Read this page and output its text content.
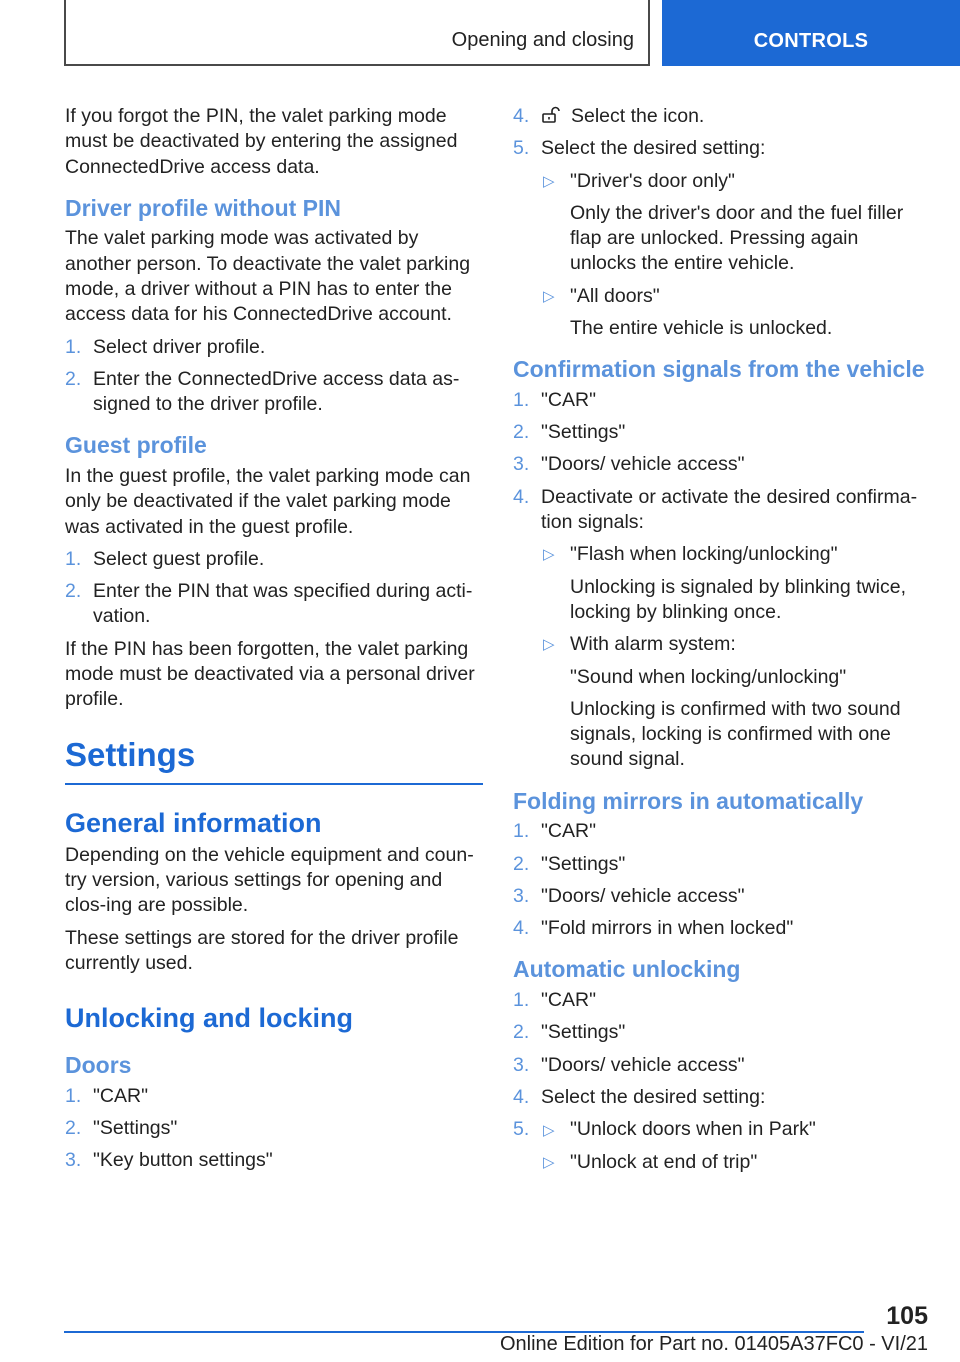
Opening and closing	CONTROLS

If you forgot the PIN, the valet parking mode must be deactivated by entering the assigned ConnectedDrive access data.

Driver profile without PIN

The valet parking mode was activated by another person. To deactivate the valet parking mode, a driver without a PIN has to enter the access data for his ConnectedDrive account.

1. Select driver profile.
2. Enter the ConnectedDrive access data as-signed to the driver profile.
Guest profile

In the guest profile, the valet parking mode can only be deactivated if the valet parking mode was activated in the guest profile.

1. Select guest profile.
2. Enter the PIN that was specified during acti-vation.

If the PIN has been forgotten, the valet parking mode must be deactivated via a personal driver profile.

Settings
General information

Depending on the vehicle equipment and coun-try version, various settings for opening and clos-ing are possible.

These settings are stored for the driver profile currently used.

Unlocking and locking
Doors
1. "CAR"
2. "Settings"
3. "Key button settings"
4. Select the icon.
5. Select the desired setting:
▷ "Driver's door only"
Only the driver's door and the fuel filler flap are unlocked. Pressing again unlocks the entire vehicle.
▷ "All doors"
The entire vehicle is unlocked.
Confirmation signals from the vehicle
1. "CAR"
2. "Settings"
3. "Doors/ vehicle access"
4. Deactivate or activate the desired confirma-tion signals:
▷ "Flash when locking/unlocking"
Unlocking is signaled by blinking twice, locking by blinking once.
▷ With alarm system:
"Sound when locking/unlocking"
Unlocking is confirmed with two sound signals, locking is confirmed with one sound signal.
Folding mirrors in automatically
1. "CAR"
2. "Settings"
3. "Doors/ vehicle access"
4. "Fold mirrors in when locked"
Automatic unlocking
1. "CAR"
2. "Settings"
3. "Doors/ vehicle access"
4. Select the desired setting:
5. ▷ "Unlock doors when in Park"
▷ "Unlock at end of trip"
105
Online Edition for Part no. 01405A37FC0 - VI/21
